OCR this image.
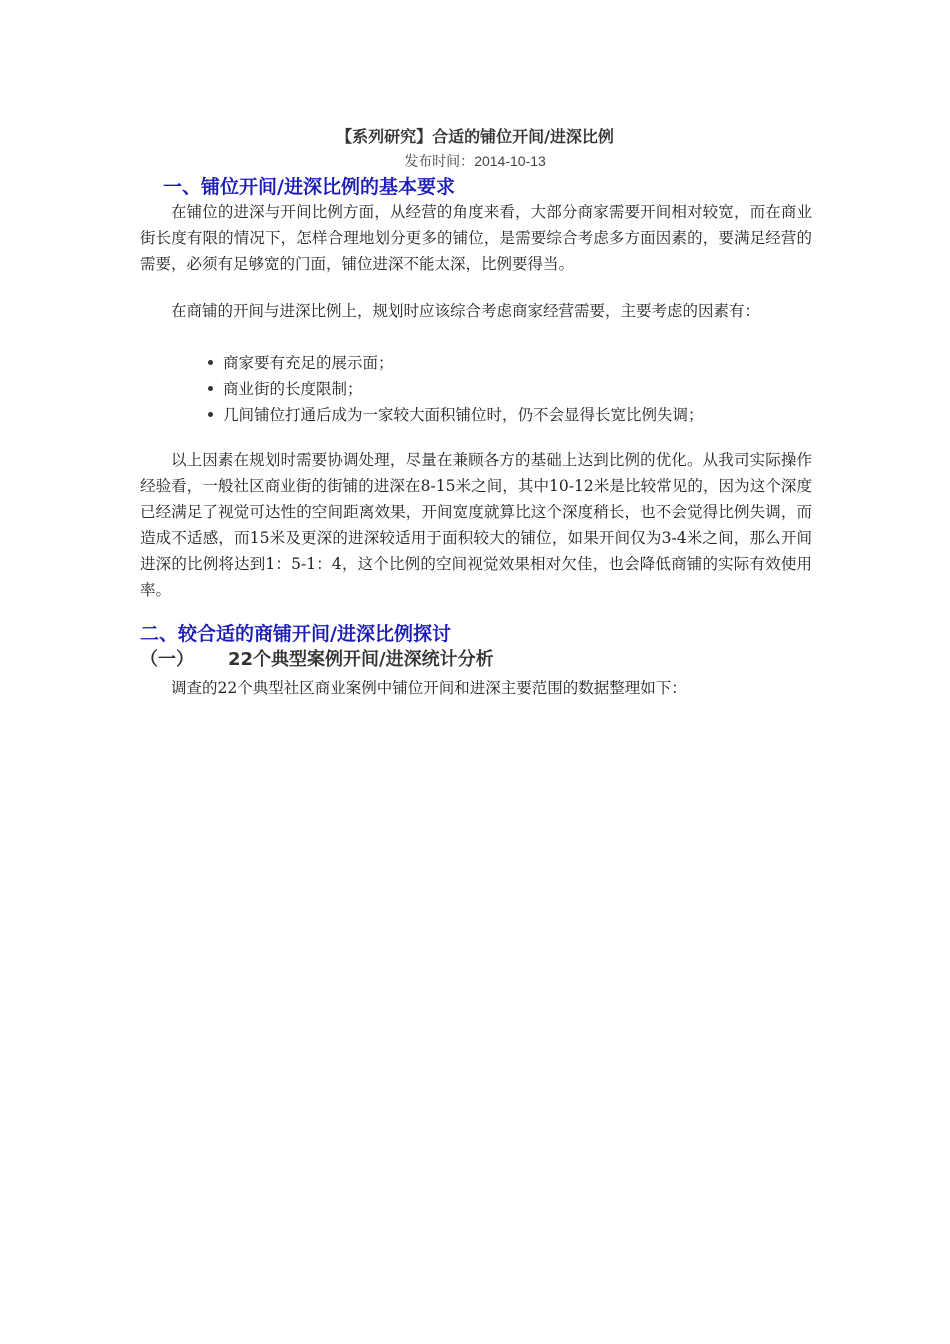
【系列研究】合适的铺位开间/进深比例
发布时间：2014-10-13
一、铺位开间/进深比例的基本要求

在铺位的进深与开间比例方面，从经营的角度来看，大部分商家需要开间相对较宽，而在商业街长度有限的情况下，怎样合理地划分更多的铺位，是需要综合考虑多方面因素的，要满足经营的需要，必须有足够宽的门面，铺位进深不能太深，比例要得当。

在商铺的开间与进深比例上，规划时应该综合考虑商家经营需要，主要考虑的因素有：

商家要有充足的展示面；
商业街的长度限制；
几间铺位打通后成为一家较大面积铺位时，仍不会显得长宽比例失调；

以上因素在规划时需要协调处理，尽量在兼顾各方的基础上达到比例的优化。从我司实际操作经验看，一般社区商业街的街铺的进深在8-15米之间，其中10-12米是比较常见的，因为这个深度已经满足了视觉可达性的空间距离效果，开间宽度就算比这个深度稍长，也不会觉得比例失调，而造成不适感，而15米及更深的进深较适用于面积较大的铺位，如果开间仅为3-4米之间，那么开间进深的比例将达到1：5-1：4，这个比例的空间视觉效果相对欠佳，也会降低商铺的实际有效使用率。

二、较合适的商铺开间/进深比例探讨
（一） 22个典型案例开间/进深统计分析

调查的22个典型社区商业案例中铺位开间和进深主要范围的数据整理如下：
